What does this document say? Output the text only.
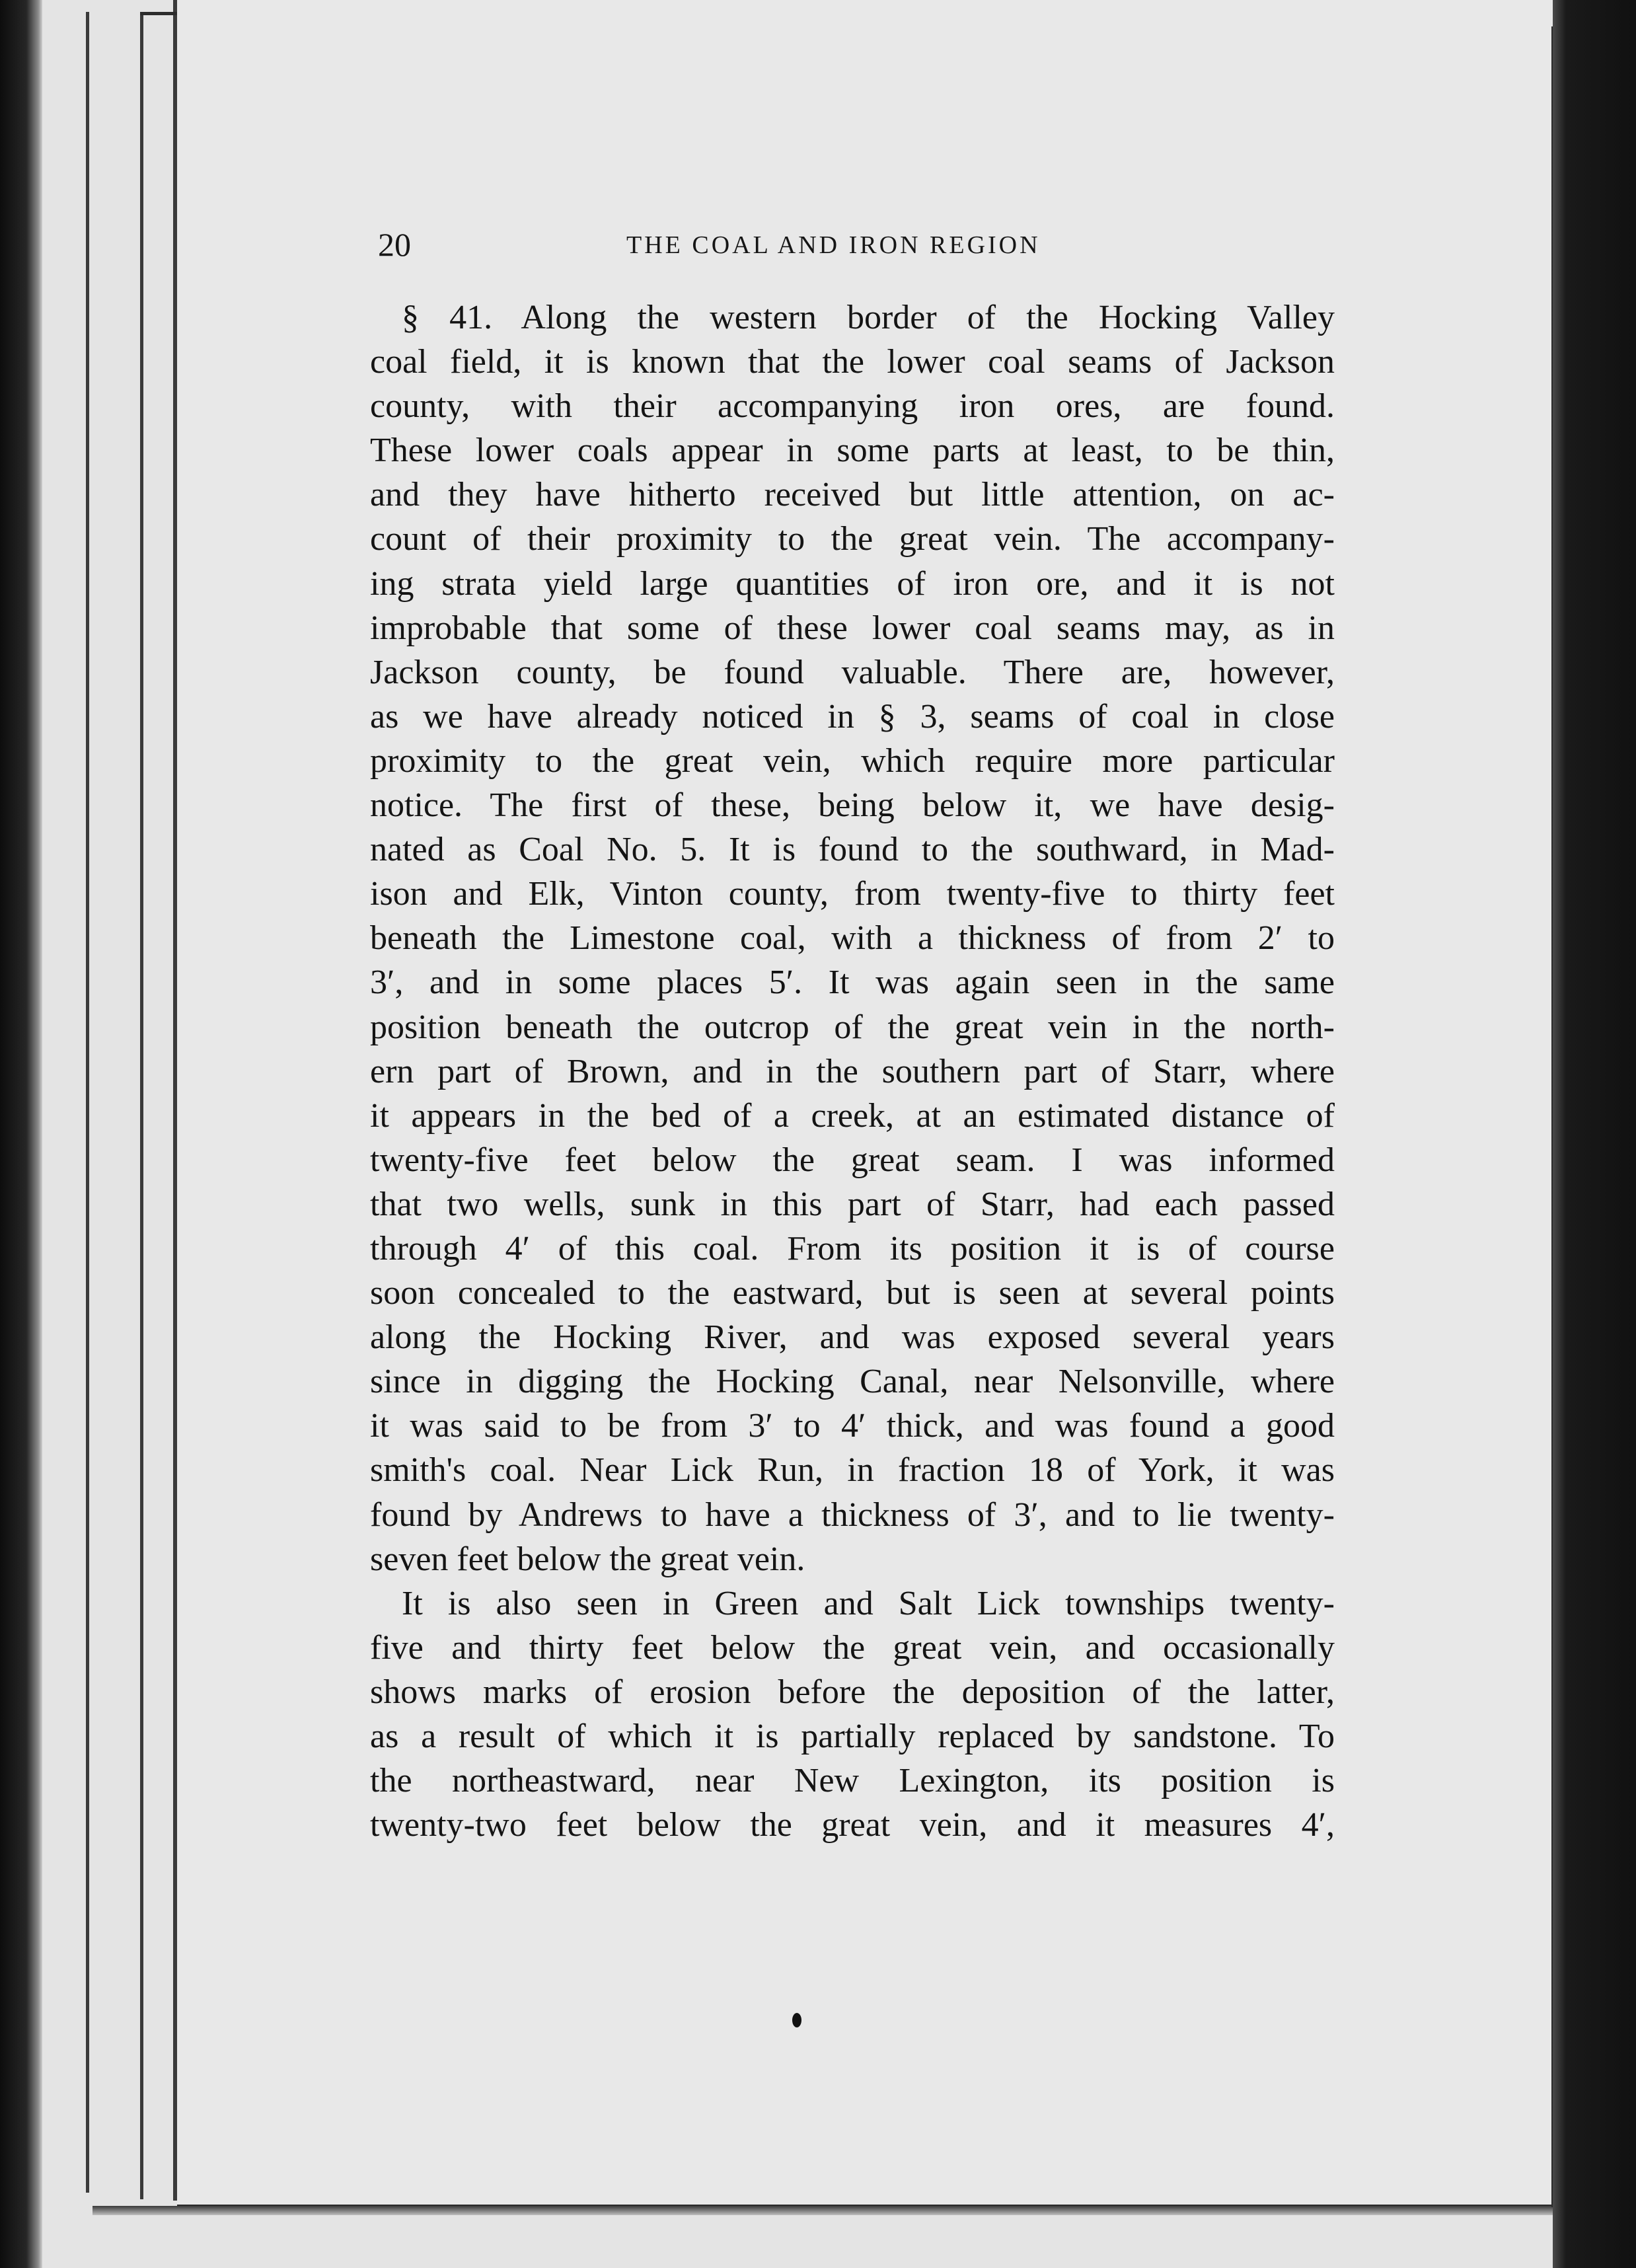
20	THE COAL AND IRON REGION
§ 41. Along the western border of the Hocking Valley
coal field, it is known that the lower coal seams of Jackson
county, with their accompanying iron ores, are found.
These lower coals appear in some parts at least, to be thin,
and they have hitherto received but little attention, on ac-
count of their proximity to the great vein. The accompany-
ing strata yield large quantities of iron ore, and it is not
improbable that some of these lower coal seams may, as in
Jackson county, be found valuable. There are, however,
as we have already noticed in § 3, seams of coal in close
proximity to the great vein, which require more particular
notice. The first of these, being below it, we have desig-
nated as Coal No. 5. It is found to the southward, in Mad-
ison and Elk, Vinton county, from twenty-five to thirty feet
beneath the Limestone coal, with a thickness of from 2′ to
3′, and in some places 5′. It was again seen in the same
position beneath the outcrop of the great vein in the north-
ern part of Brown, and in the southern part of Starr, where
it appears in the bed of a creek, at an estimated distance of
twenty-five feet below the great seam. I was informed
that two wells, sunk in this part of Starr, had each passed
through 4′ of this coal. From its position it is of course
soon concealed to the eastward, but is seen at several points
along the Hocking River, and was exposed several years
since in digging the Hocking Canal, near Nelsonville, where
it was said to be from 3′ to 4′ thick, and was found a good
smith's coal. Near Lick Run, in fraction 18 of York, it was
found by Andrews to have a thickness of 3′, and to lie twenty-
seven feet below the great vein.
It is also seen in Green and Salt Lick townships twenty-
five and thirty feet below the great vein, and occasionally
shows marks of erosion before the deposition of the latter,
as a result of which it is partially replaced by sandstone. To
the northeastward, near New Lexington, its position is
twenty-two feet below the great vein, and it measures 4′,
